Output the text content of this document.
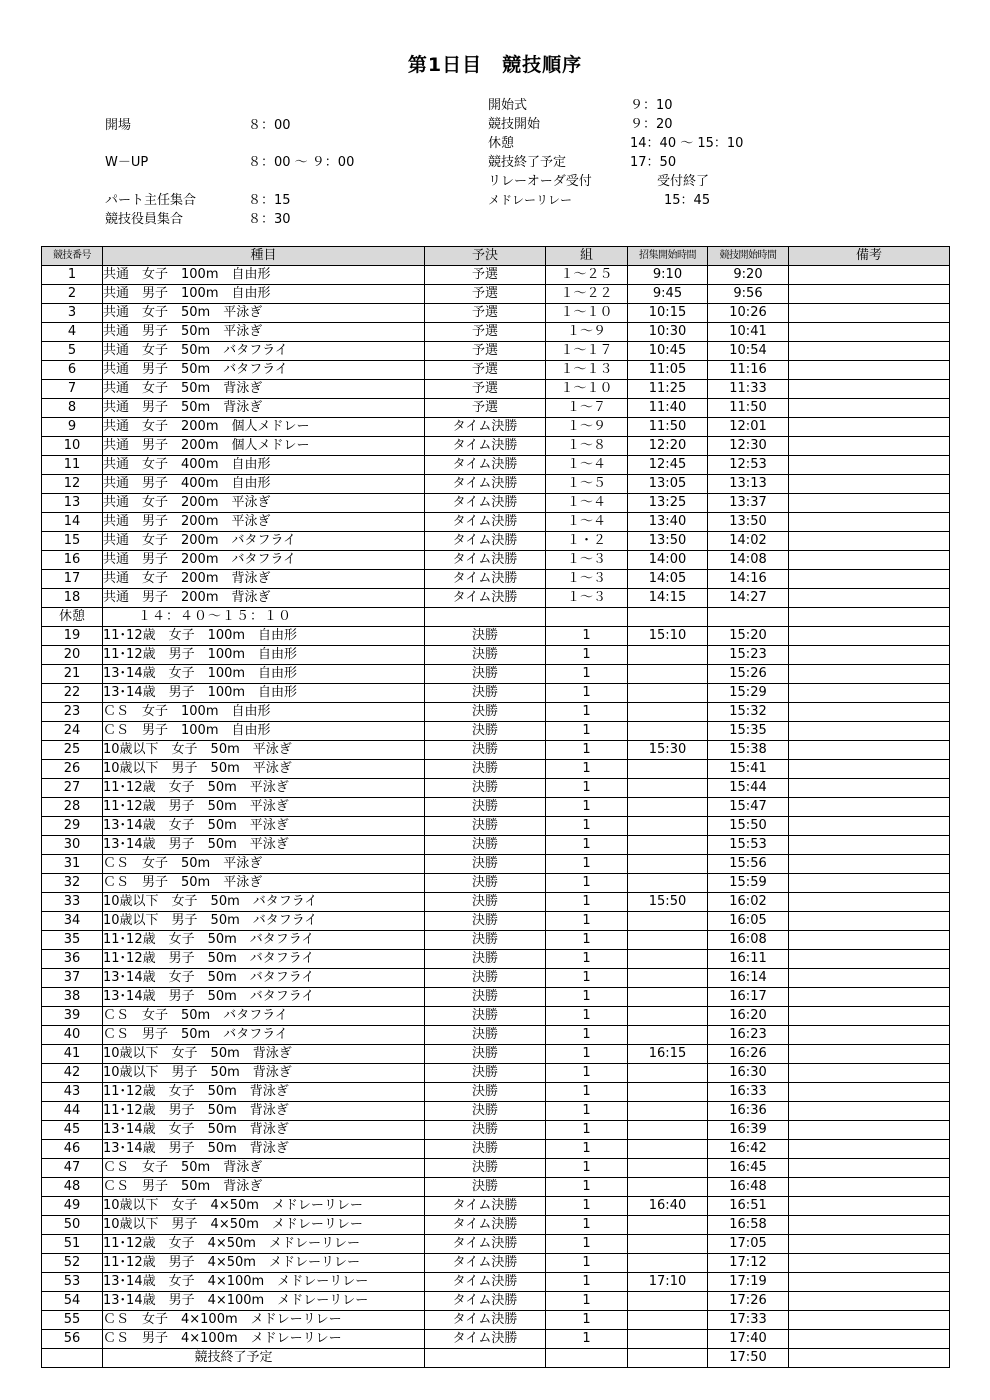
第1日目　競技順序
開場	８：00
W－UP	８：00 ～ ９：00
パート主任集合	８：15
競技役員集合	８：30
開始式	９：10
競技開始	９：20
休憩	14：40 ～ 15：10
競技終了予定	17：50
リレーオーダ受付	受付終了
メドレーリレー	15：45
競技番号	種目	予決	組	招集開始時間	競技開始時間	備考
1	共通　女子　100m　自由形	予選	１～２５	9:10	9:20	
2	共通　男子　100m　自由形	予選	１～２２	9:45	9:56	
3	共通　女子　50m　平泳ぎ	予選	１～１０	10:15	10:26	
4	共通　男子　50m　平泳ぎ	予選	１～９	10:30	10:41	
5	共通　女子　50m　バタフライ	予選	１～１７	10:45	10:54	
6	共通　男子　50m　バタフライ	予選	１～１３	11:05	11:16	
7	共通　女子　50m　背泳ぎ	予選	１～１０	11:25	11:33	
8	共通　男子　50m　背泳ぎ	予選	１～７	11:40	11:50	
9	共通　女子　200m　個人メドレー	タイム決勝	１～９	11:50	12:01	
10	共通　男子　200m　個人メドレー	タイム決勝	１～８	12:20	12:30	
11	共通　女子　400m　自由形	タイム決勝	１～４	12:45	12:53	
12	共通　男子　400m　自由形	タイム決勝	１～５	13:05	13:13	
13	共通　女子　200m　平泳ぎ	タイム決勝	１～４	13:25	13:37	
14	共通　男子　200m　平泳ぎ	タイム決勝	１～４	13:40	13:50	
15	共通　女子　200m　バタフライ	タイム決勝	１・２	13:50	14:02	
16	共通　男子　200m　バタフライ	タイム決勝	１～３	14:00	14:08	
17	共通　女子　200m　背泳ぎ	タイム決勝	１～３	14:05	14:16	
18	共通　男子　200m　背泳ぎ	タイム決勝	１～３	14:15	14:27	
休憩	１４：４０～１５：１０					
19	11･12歳　女子　100m　自由形	決勝	1	15:10	15:20	
20	11･12歳　男子　100m　自由形	決勝	1		15:23	
21	13･14歳　女子　100m　自由形	決勝	1		15:26	
22	13･14歳　男子　100m　自由形	決勝	1		15:29	
23	ＣＳ　女子　100m　自由形	決勝	1		15:32	
24	ＣＳ　男子　100m　自由形	決勝	1		15:35	
25	10歳以下　女子　50m　平泳ぎ	決勝	1	15:30	15:38	
26	10歳以下　男子　50m　平泳ぎ	決勝	1		15:41	
27	11･12歳　女子　50m　平泳ぎ	決勝	1		15:44	
28	11･12歳　男子　50m　平泳ぎ	決勝	1		15:47	
29	13･14歳　女子　50m　平泳ぎ	決勝	1		15:50	
30	13･14歳　男子　50m　平泳ぎ	決勝	1		15:53	
31	ＣＳ　女子　50m　平泳ぎ	決勝	1		15:56	
32	ＣＳ　男子　50m　平泳ぎ	決勝	1		15:59	
33	10歳以下　女子　50m　バタフライ	決勝	1	15:50	16:02	
34	10歳以下　男子　50m　バタフライ	決勝	1		16:05	
35	11･12歳　女子　50m　バタフライ	決勝	1		16:08	
36	11･12歳　男子　50m　バタフライ	決勝	1		16:11	
37	13･14歳　女子　50m　バタフライ	決勝	1		16:14	
38	13･14歳　男子　50m　バタフライ	決勝	1		16:17	
39	ＣＳ　女子　50m　バタフライ	決勝	1		16:20	
40	ＣＳ　男子　50m　バタフライ	決勝	1		16:23	
41	10歳以下　女子　50m　背泳ぎ	決勝	1	16:15	16:26	
42	10歳以下　男子　50m　背泳ぎ	決勝	1		16:30	
43	11･12歳　女子　50m　背泳ぎ	決勝	1		16:33	
44	11･12歳　男子　50m　背泳ぎ	決勝	1		16:36	
45	13･14歳　女子　50m　背泳ぎ	決勝	1		16:39	
46	13･14歳　男子　50m　背泳ぎ	決勝	1		16:42	
47	ＣＳ　女子　50m　背泳ぎ	決勝	1		16:45	
48	ＣＳ　男子　50m　背泳ぎ	決勝	1		16:48	
49	10歳以下　女子　4×50m　メドレーリレー	タイム決勝	1	16:40	16:51	
50	10歳以下　男子　4×50m　メドレーリレー	タイム決勝	1		16:58	
51	11･12歳　女子　4×50m　メドレーリレー	タイム決勝	1		17:05	
52	11･12歳　男子　4×50m　メドレーリレー	タイム決勝	1		17:12	
53	13･14歳　女子　4×100m　メドレーリレー	タイム決勝	1	17:10	17:19	
54	13･14歳　男子　4×100m　メドレーリレー	タイム決勝	1		17:26	
55	ＣＳ　女子　4×100m　メドレーリレー	タイム決勝	1		17:33	
56	ＣＳ　男子　4×100m　メドレーリレー	タイム決勝	1		17:40	
	競技終了予定				17:50	
